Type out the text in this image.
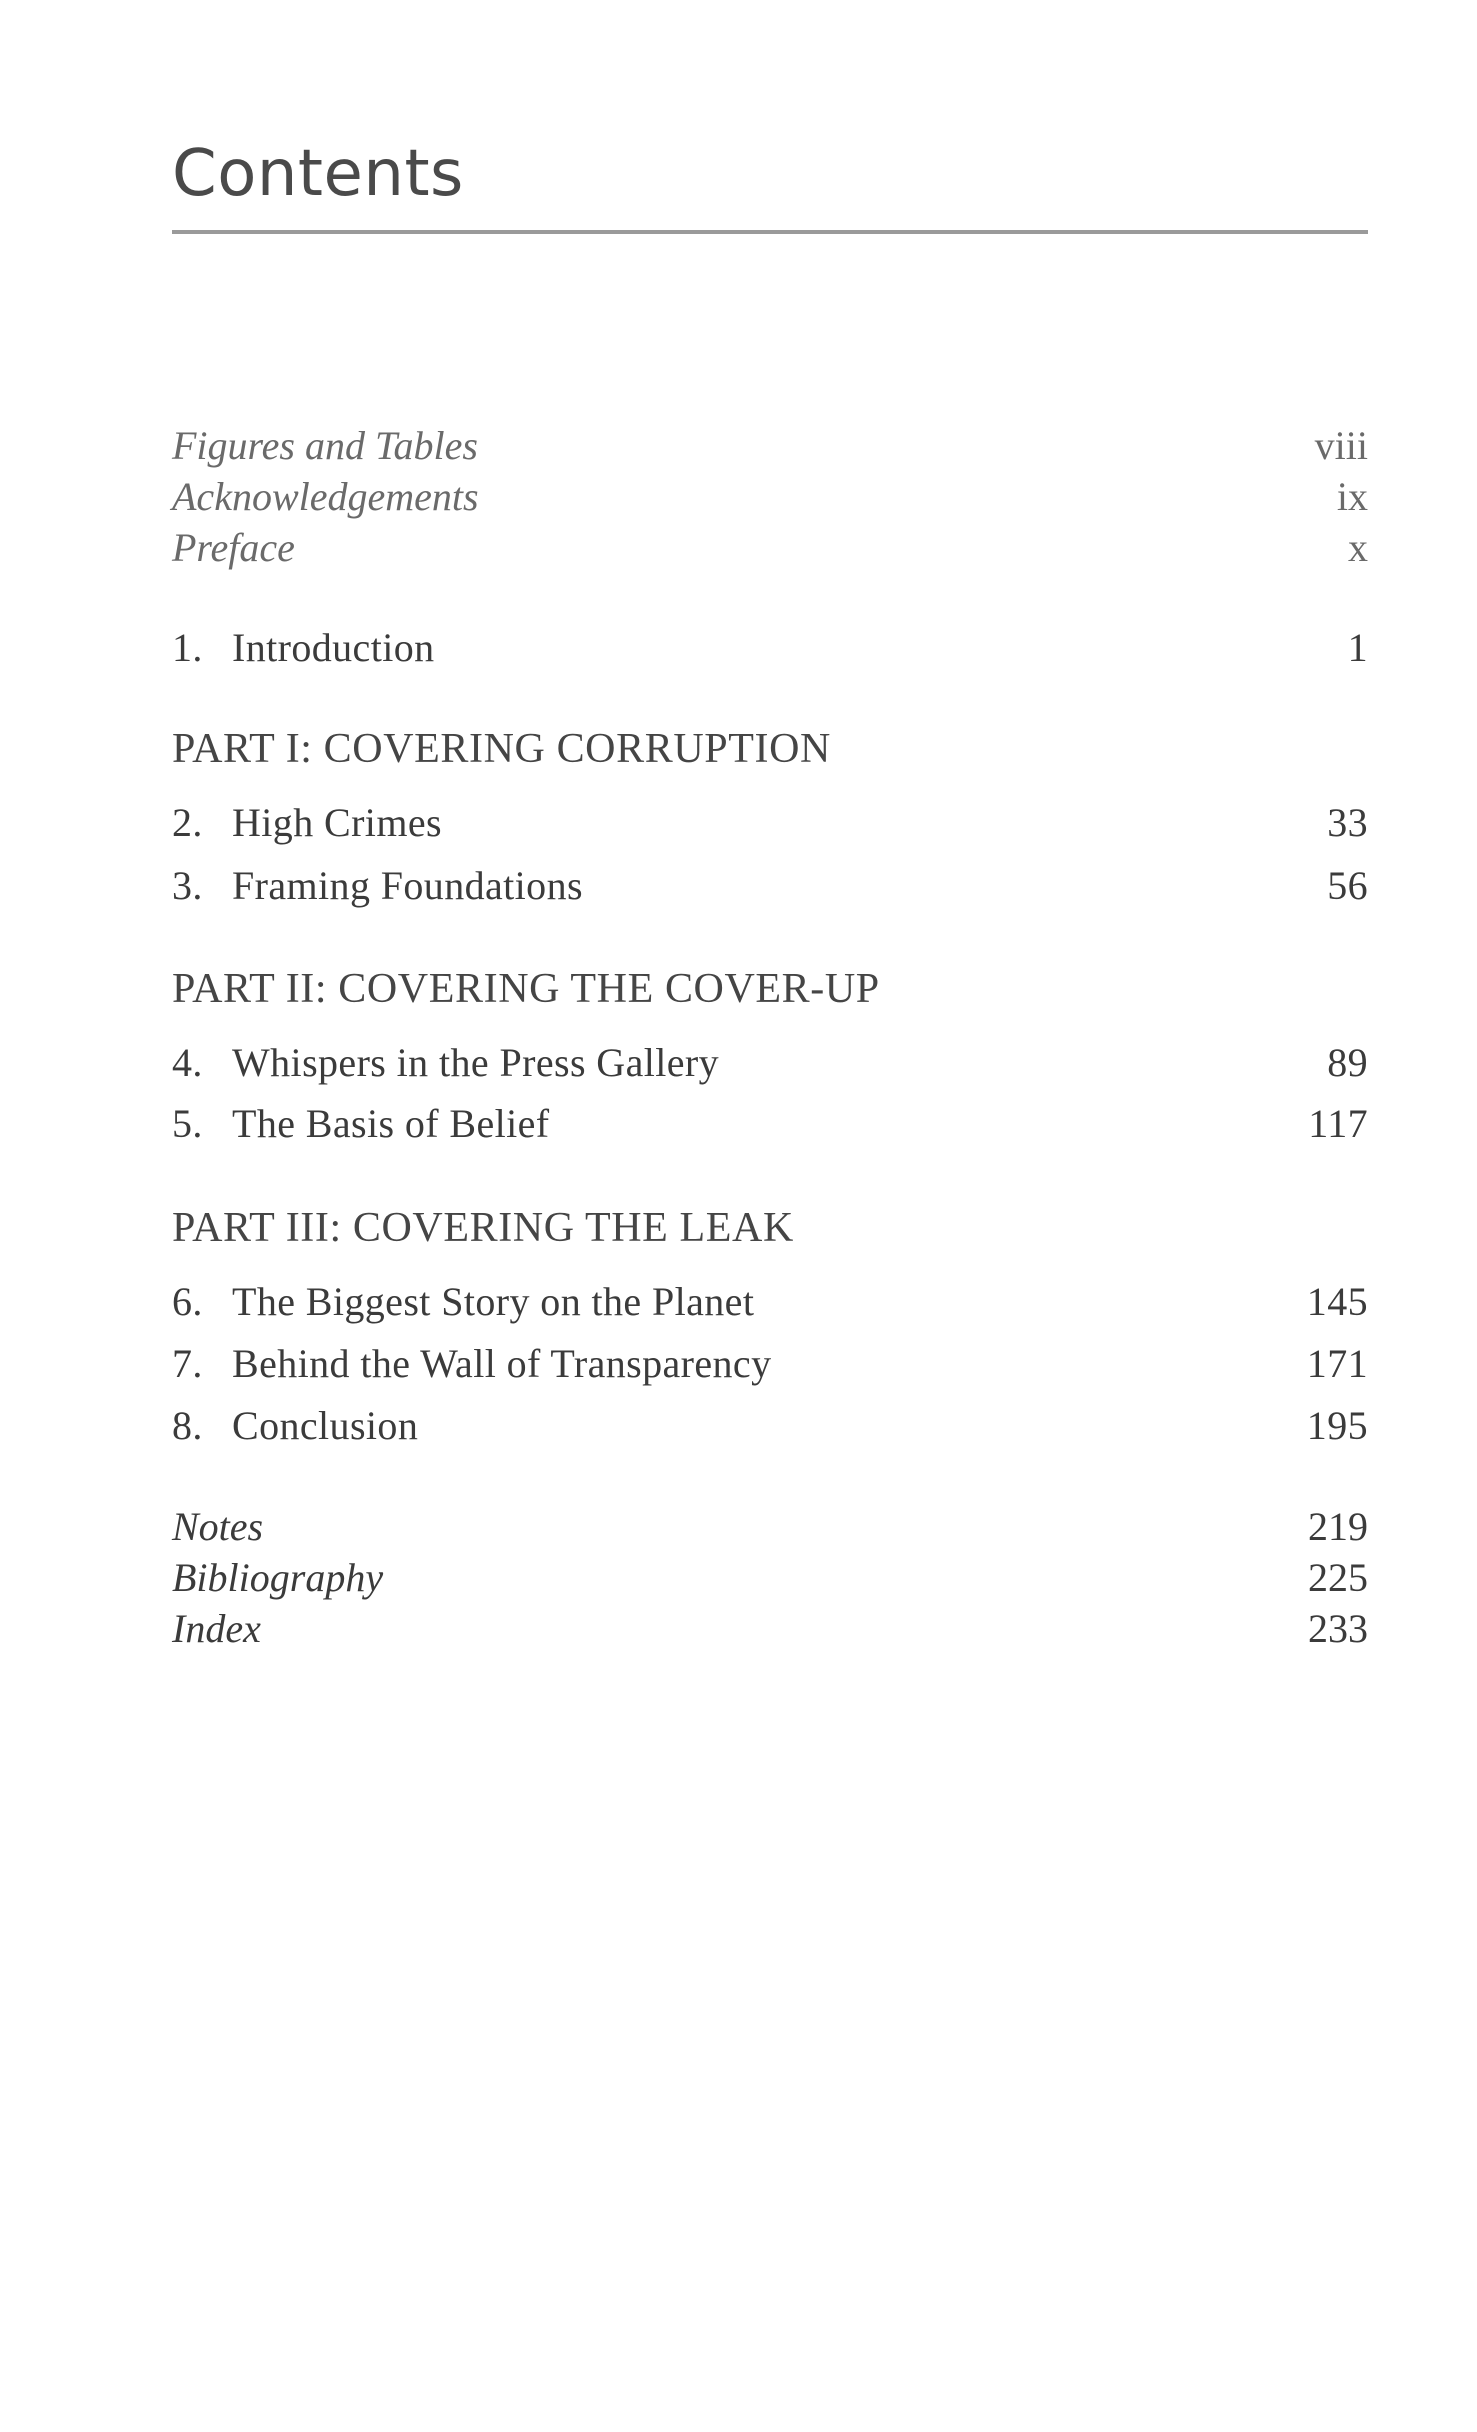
Contents
Figures and Tables	viii
Acknowledgements	ix
Preface	x
1. Introduction	1
PART I: COVERING CORRUPTION
2. High Crimes	33
3. Framing Foundations	56
PART II: COVERING THE COVER-UP
4. Whispers in the Press Gallery	89
5. The Basis of Belief	117
PART III: COVERING THE LEAK
6. The Biggest Story on the Planet	145
7. Behind the Wall of Transparency	171
8. Conclusion	195
Notes	219
Bibliography	225
Index	233
